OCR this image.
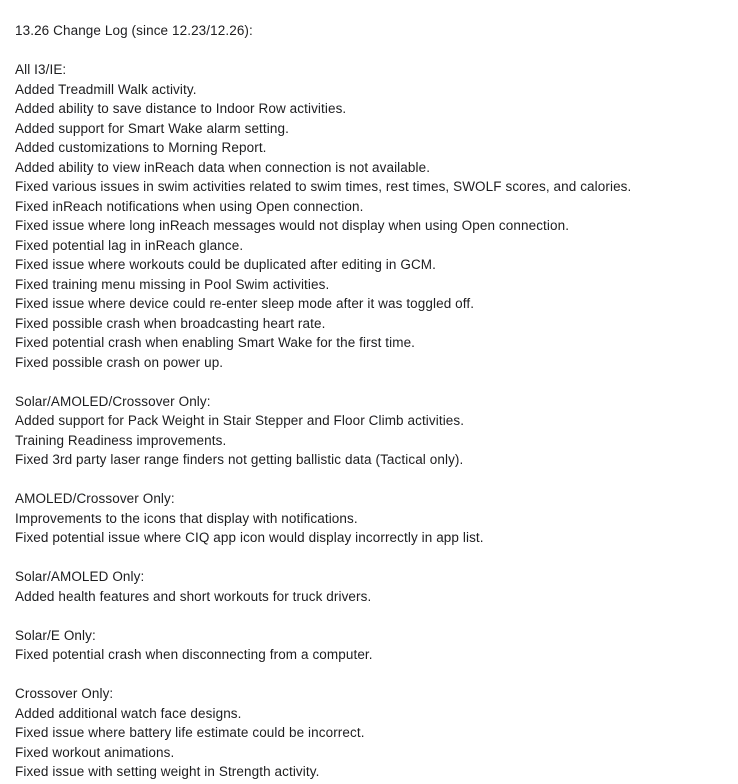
13.26 Change Log (since 12.23/12.26):

All I3/IE:

Added Treadmill Walk activity.

Added ability to save distance to Indoor Row activities.

Added support for Smart Wake alarm setting.

Added customizations to Morning Report.

Added ability to view inReach data when connection is not available.

Fixed various issues in swim activities related to swim times, rest times, SWOLF scores, and calories.

Fixed inReach notifications when using Open connection.

Fixed issue where long inReach messages would not display when using Open connection.

Fixed potential lag in inReach glance.

Fixed issue where workouts could be duplicated after editing in GCM.

Fixed training menu missing in Pool Swim activities.

Fixed issue where device could re-enter sleep mode after it was toggled off.

Fixed possible crash when broadcasting heart rate.

Fixed potential crash when enabling Smart Wake for the first time.

Fixed possible crash on power up.

Solar/AMOLED/Crossover Only:

Added support for Pack Weight in Stair Stepper and Floor Climb activities.

Training Readiness improvements.

Fixed 3rd party laser range finders not getting ballistic data (Tactical only).

AMOLED/Crossover Only:

Improvements to the icons that display with notifications.

Fixed potential issue where CIQ app icon would display incorrectly in app list.

Solar/AMOLED Only:

Added health features and short workouts for truck drivers.

Solar/E Only:

Fixed potential crash when disconnecting from a computer.

Crossover Only:

Added additional watch face designs.

Fixed issue where battery life estimate could be incorrect.

Fixed workout animations.

Fixed issue with setting weight in Strength activity.
